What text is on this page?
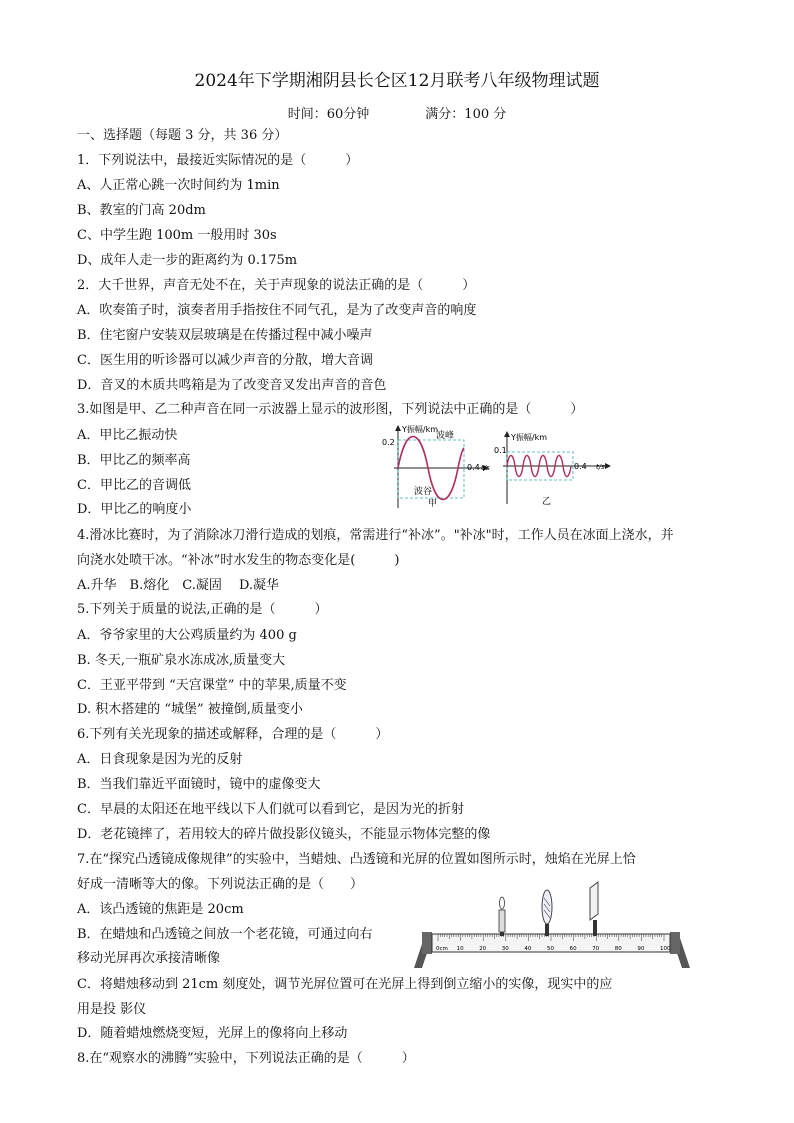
2024年下学期湘阴县长仑区12月联考八年级物理试题
时间：60分钟	满分：100 分
一、选择题（每题 3 分，共 36 分）
1．下列说法中，最接近实际情况的是（　　　）
A、人正常心跳一次时间约为 1min
B、教室的门高 20dm
C、中学生跑 100m 一般用时 30s
D、成年人走一步的距离约为 0.175m
2．大千世界，声音无处不在，关于声现象的说法正确的是（　　　）
A．吹奏笛子时，演奏者用手指按住不同气孔，是为了改变声音的响度
B．住宅窗户安装双层玻璃是在传播过程中减小噪声
C．医生用的听诊器可以减少声音的分散，增大音调
D．音叉的木质共鸣箱是为了改变音叉发出声音的音色
3.如图是甲、乙二种声音在同一示波器上显示的波形图，下列说法中正确的是（　　　）
A．甲比乙振动快
B．甲比乙的频率高
C．甲比乙的音调低
D．甲比乙的响度小
Y振幅/km
0.2
0.4 t/s
波峰
波谷
甲
Y振幅/km
0.1
0.4 t/s
乙
4.滑冰比赛时，为了消除冰刀滑行造成的划痕，常需进行“补冰”。"补冰"时，工作人员在冰面上浇水，并
向浇水处喷干冰。“补冰”时水发生的物态变化是(　　　)
A.升华　B.熔化　C.凝固　 D.凝华
5.下列关于质量的说法,正确的是（　　　）
A．爷爷家里的大公鸡质量约为 400 g
B. 冬天,一瓶矿泉水冻成冰,质量变大
C．王亚平带到 “天宫课堂” 中的苹果,质量不变
D. 积木搭建的 “城堡” 被撞倒,质量变小
6.下列有关光现象的描述或解释，合理的是（　　　）
A．日食现象是因为光的反射
B．当我们靠近平面镜时，镜中的虚像变大
C．早晨的太阳还在地平线以下人们就可以看到它，是因为光的折射
D．老花镜摔了，若用较大的碎片做投影仪镜头，不能显示物体完整的像
7.在“探究凸透镜成像规律”的实验中，当蜡烛、凸透镜和光屏的位置如图所示时，烛焰在光屏上恰
好成一清晰等大的像。下列说法正确的是（　　）
A．该凸透镜的焦距是 20cm
B．在蜡烛和凸透镜之间放一个老花镜，可通过向右
移动光屏再次承接清晰像
C．将蜡烛移动到 21cm 刻度处，调节光屏位置可在光屏上得到倒立缩小的实像，现实中的应
用是投 影仪
D．随着蜡烛燃烧变短，光屏上的像将向上移动
0cm 10	20	30	40	50	60	70	80	90	100
8.在“观察水的沸腾”实验中，下列说法正确的是（　　　）
